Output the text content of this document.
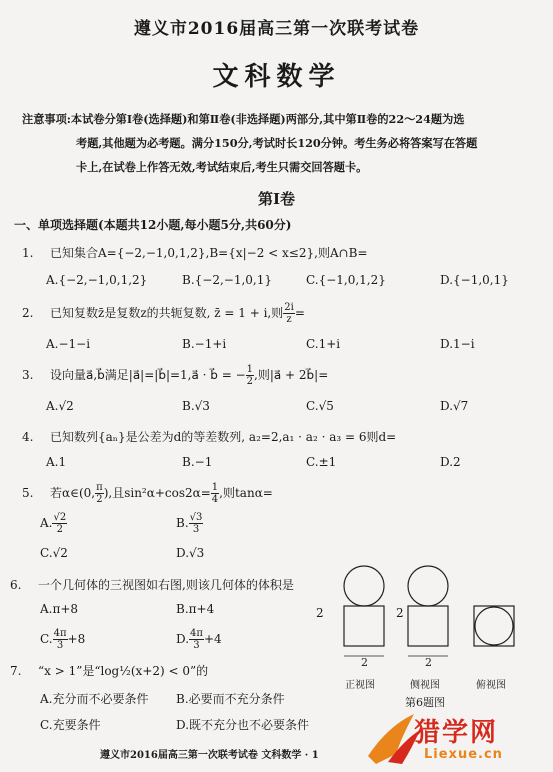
遵义市2016届高三第一次联考试卷
文科数学

注意事项:本试卷分第Ⅰ卷(选择题)和第Ⅱ卷(非选择题)两部分,其中第Ⅱ卷的22～24题为选

考题,其他题为必考题。满分150分,考试时长120分钟。考生务必将答案写在答题

卡上,在试卷上作答无效,考试结束后,考生只需交回答题卡。

第Ⅰ卷
一、单项选择题(本题共12小题,每小题5分,共60分)
1. 已知集合A={−2,−1,0,1,2},B={x|−2 < x≤2},则A∩B=
A.{−2,−1,0,1,2}	B.{−2,−1,0,1}	C.{−1,0,1,2}	D.{−1,0,1}
2. 已知复数z̄是复数z的共轭复数, z̄ = 1 + i,则 $\frac{2i}{z}$ =
A.−1−i	B.−1+i	C.1+i	D.1−i
3. 设向量a⃗,b⃗满足|a⃗|=|b⃗|=1,a⃗ · b⃗ = − $\frac{1}{2}$ ,则|a⃗ + 2b⃗|=
A.√2	B.√3	C.√5	D.√7
4. 已知数列{aₙ}是公差为d的等差数列, a₂=2,a₁ · a₂ · a₃ = 6则d=
A.1	B.−1	C.±1	D.2
5. 若α∈(0, $\frac{\pi}{2}$ ),且$\sin^2\alpha+\cos 2\alpha= \frac{1}{4}$ ,则tanα=
A. $\frac{√2}{2}$	B. $\frac{√3}{3}$
C.√2	D.√3
6. 一个几何体的三视图如右图,则该几何体的体积是
A.π+8	B.π+4
C. $\frac{4\pi}{3} +8$	D. $\frac{4\pi}{3} +4$
2	2
2	2
正视图	侧视图	俯视图
第6题图
7. “x > 1”是“log½(x+2) < 0”的
A.充分而不必要条件 B.必要而不充分条件
C.充要条件	D.既不充分也不必要条件
遵义市2016届高三第一次联考试卷 文科数学 · 1
猎学网
Liexue.cn
